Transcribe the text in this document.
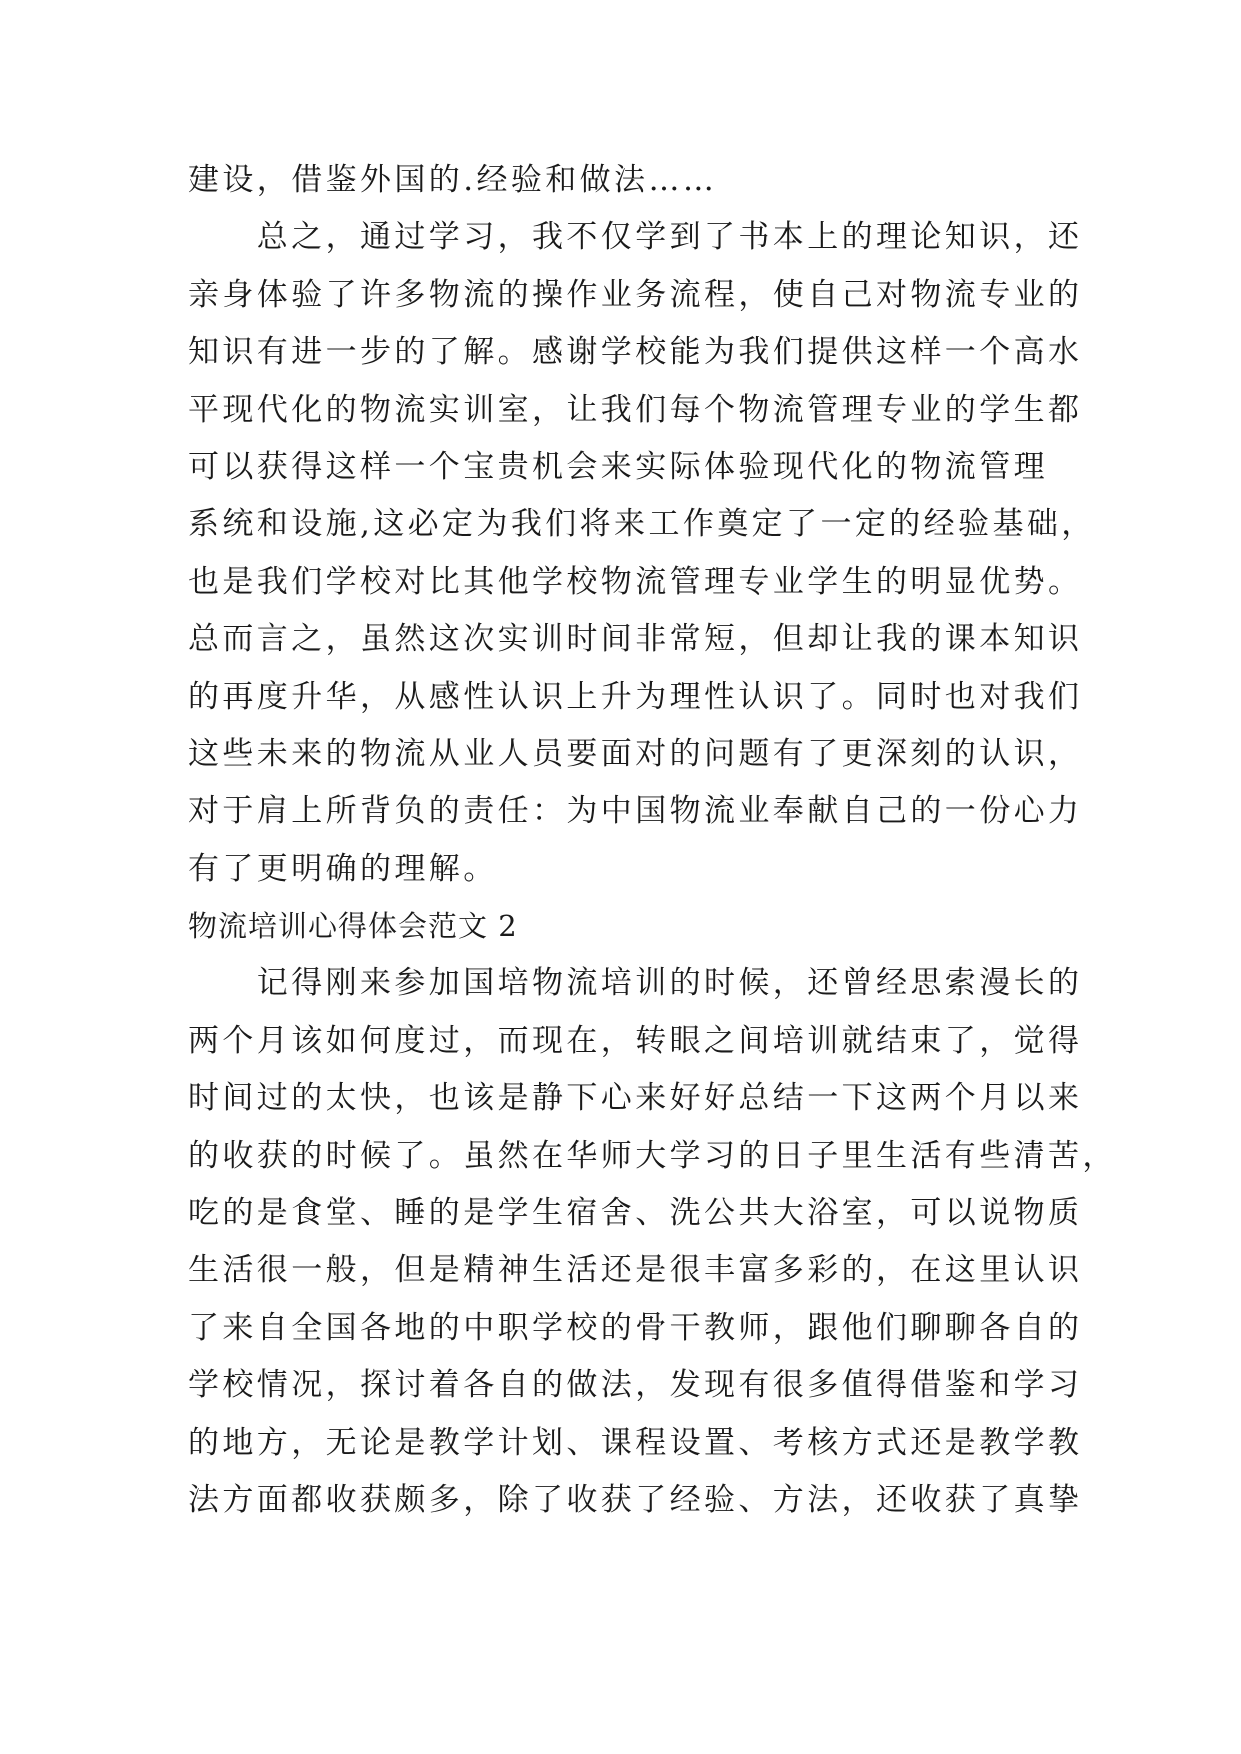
建设，借鉴外国的.经验和做法……
　　总之，通过学习，我不仅学到了书本上的理论知识，还
亲身体验了许多物流的操作业务流程，使自己对物流专业的
知识有进一步的了解。感谢学校能为我们提供这样一个高水
平现代化的物流实训室，让我们每个物流管理专业的学生都
可以获得这样一个宝贵机会来实际体验现代化的物流管理
系统和设施,这必定为我们将来工作奠定了一定的经验基础，
也是我们学校对比其他学校物流管理专业学生的明显优势。
总而言之，虽然这次实训时间非常短，但却让我的课本知识
的再度升华，从感性认识上升为理性认识了。同时也对我们
这些未来的物流从业人员要面对的问题有了更深刻的认识，
对于肩上所背负的责任：为中国物流业奉献自己的一份心力
有了更明确的理解。
物流培训心得体会范文 2
　　记得刚来参加国培物流培训的时候，还曾经思索漫长的
两个月该如何度过，而现在，转眼之间培训就结束了，觉得
时间过的太快，也该是静下心来好好总结一下这两个月以来
的收获的时候了。虽然在华师大学习的日子里生活有些清苦，
吃的是食堂、睡的是学生宿舍、洗公共大浴室，可以说物质
生活很一般，但是精神生活还是很丰富多彩的，在这里认识
了来自全国各地的中职学校的骨干教师，跟他们聊聊各自的
学校情况，探讨着各自的做法，发现有很多值得借鉴和学习
的地方，无论是教学计划、课程设置、考核方式还是教学教
法方面都收获颇多，除了收获了经验、方法，还收获了真挚
